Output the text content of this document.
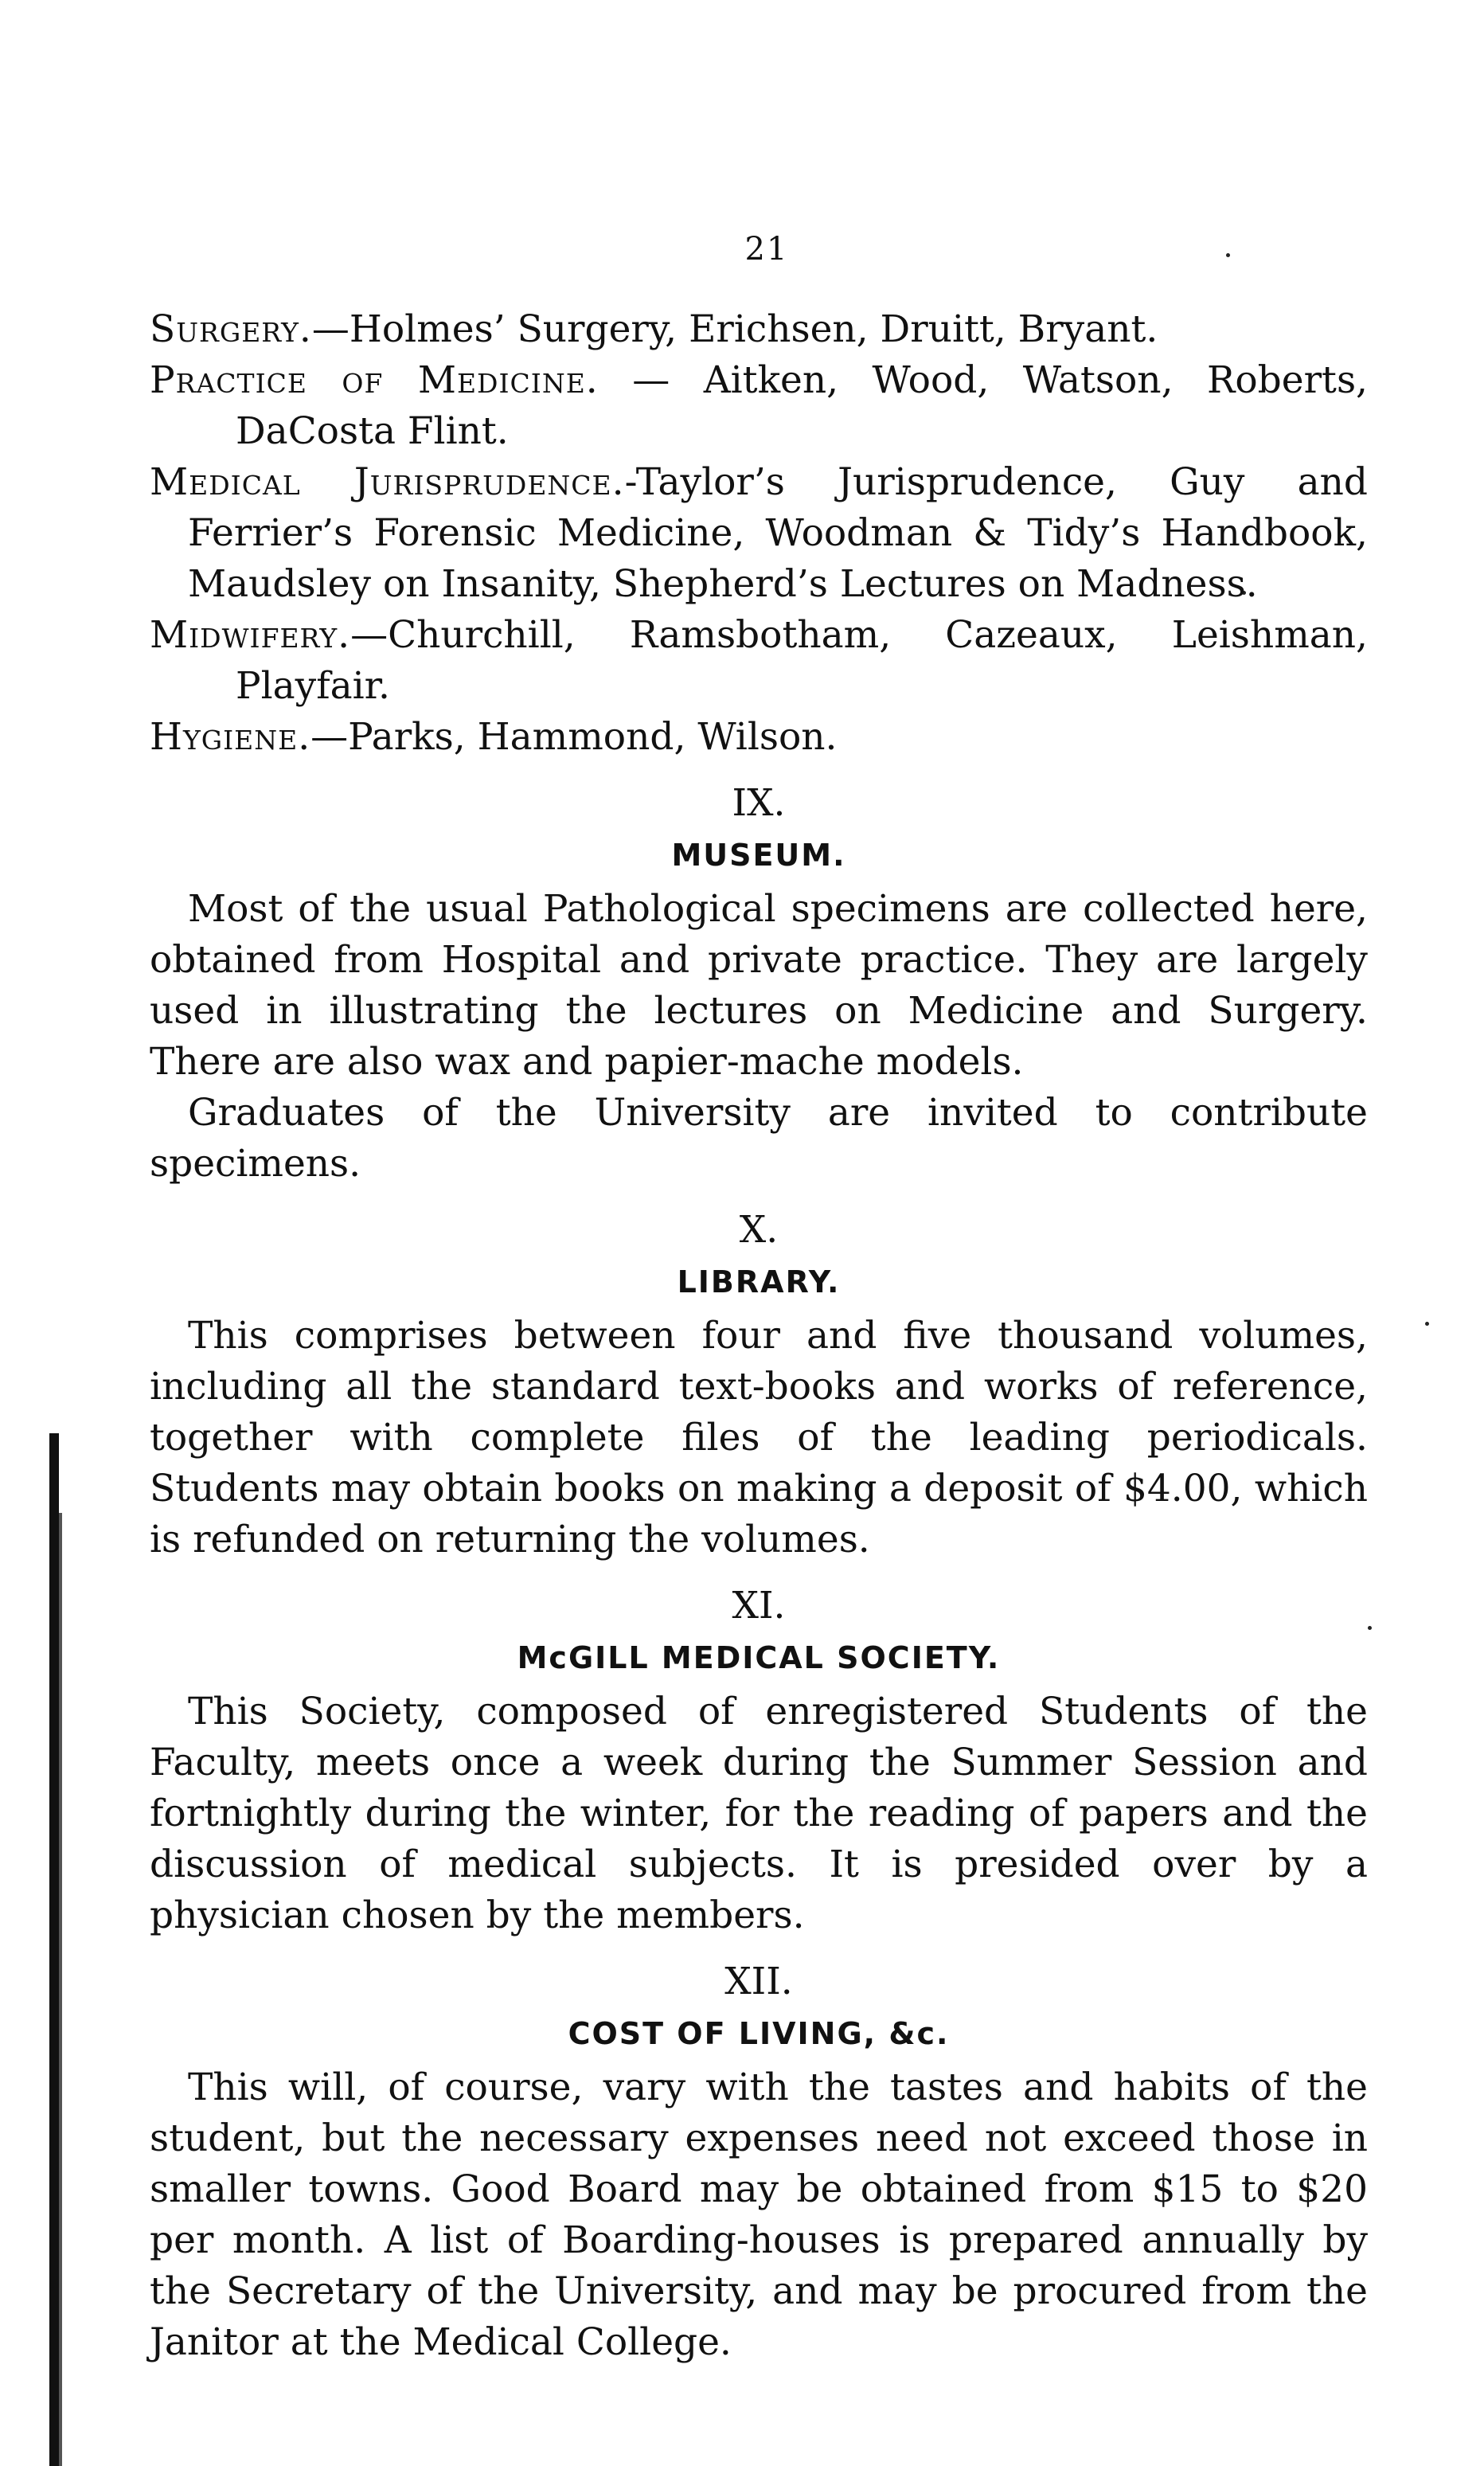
21

Surgery.—Holmes’ Surgery, Erichsen, Druitt, Bryant.

Practice of Medicine. — Aitken, Wood, Watson, Roberts, DaCosta Flint.

Medical Jurisprudence.-Taylor’s Jurisprudence, Guy and Ferrier’s Forensic Medicine, Woodman & Tidy’s Handbook, Maudsley on Insanity, Shepherd’s Lectures on Madness.

Midwifery.—Churchill, Ramsbotham, Cazeaux, Leishman, Playfair.

Hygiene.—Parks, Hammond, Wilson.

IX.
MUSEUM.

Most of the usual Pathological specimens are collected here, obtained from Hospital and private practice. They are largely used in illustrating the lectures on Medicine and Surgery. There are also wax and papier-mache models.

Graduates of the University are invited to contribute specimens.

X.
LIBRARY.

This comprises between four and five thousand volumes, including all the standard text-books and works of reference, together with complete files of the leading periodicals. Students may obtain books on making a deposit of $4.00, which is refunded on returning the volumes.

XI.
McGILL MEDICAL SOCIETY.

This Society, composed of enregistered Students of the Faculty, meets once a week during the Summer Session and fortnightly during the winter, for the reading of papers and the discussion of medical subjects. It is presided over by a physician chosen by the members.

XII.
COST OF LIVING, &c.

This will, of course, vary with the tastes and habits of the student, but the necessary expenses need not exceed those in smaller towns. Good Board may be obtained from $15 to $20 per month. A list of Boarding-houses is prepared annually by the Secretary of the University, and may be procured from the Janitor at the Medical College.
